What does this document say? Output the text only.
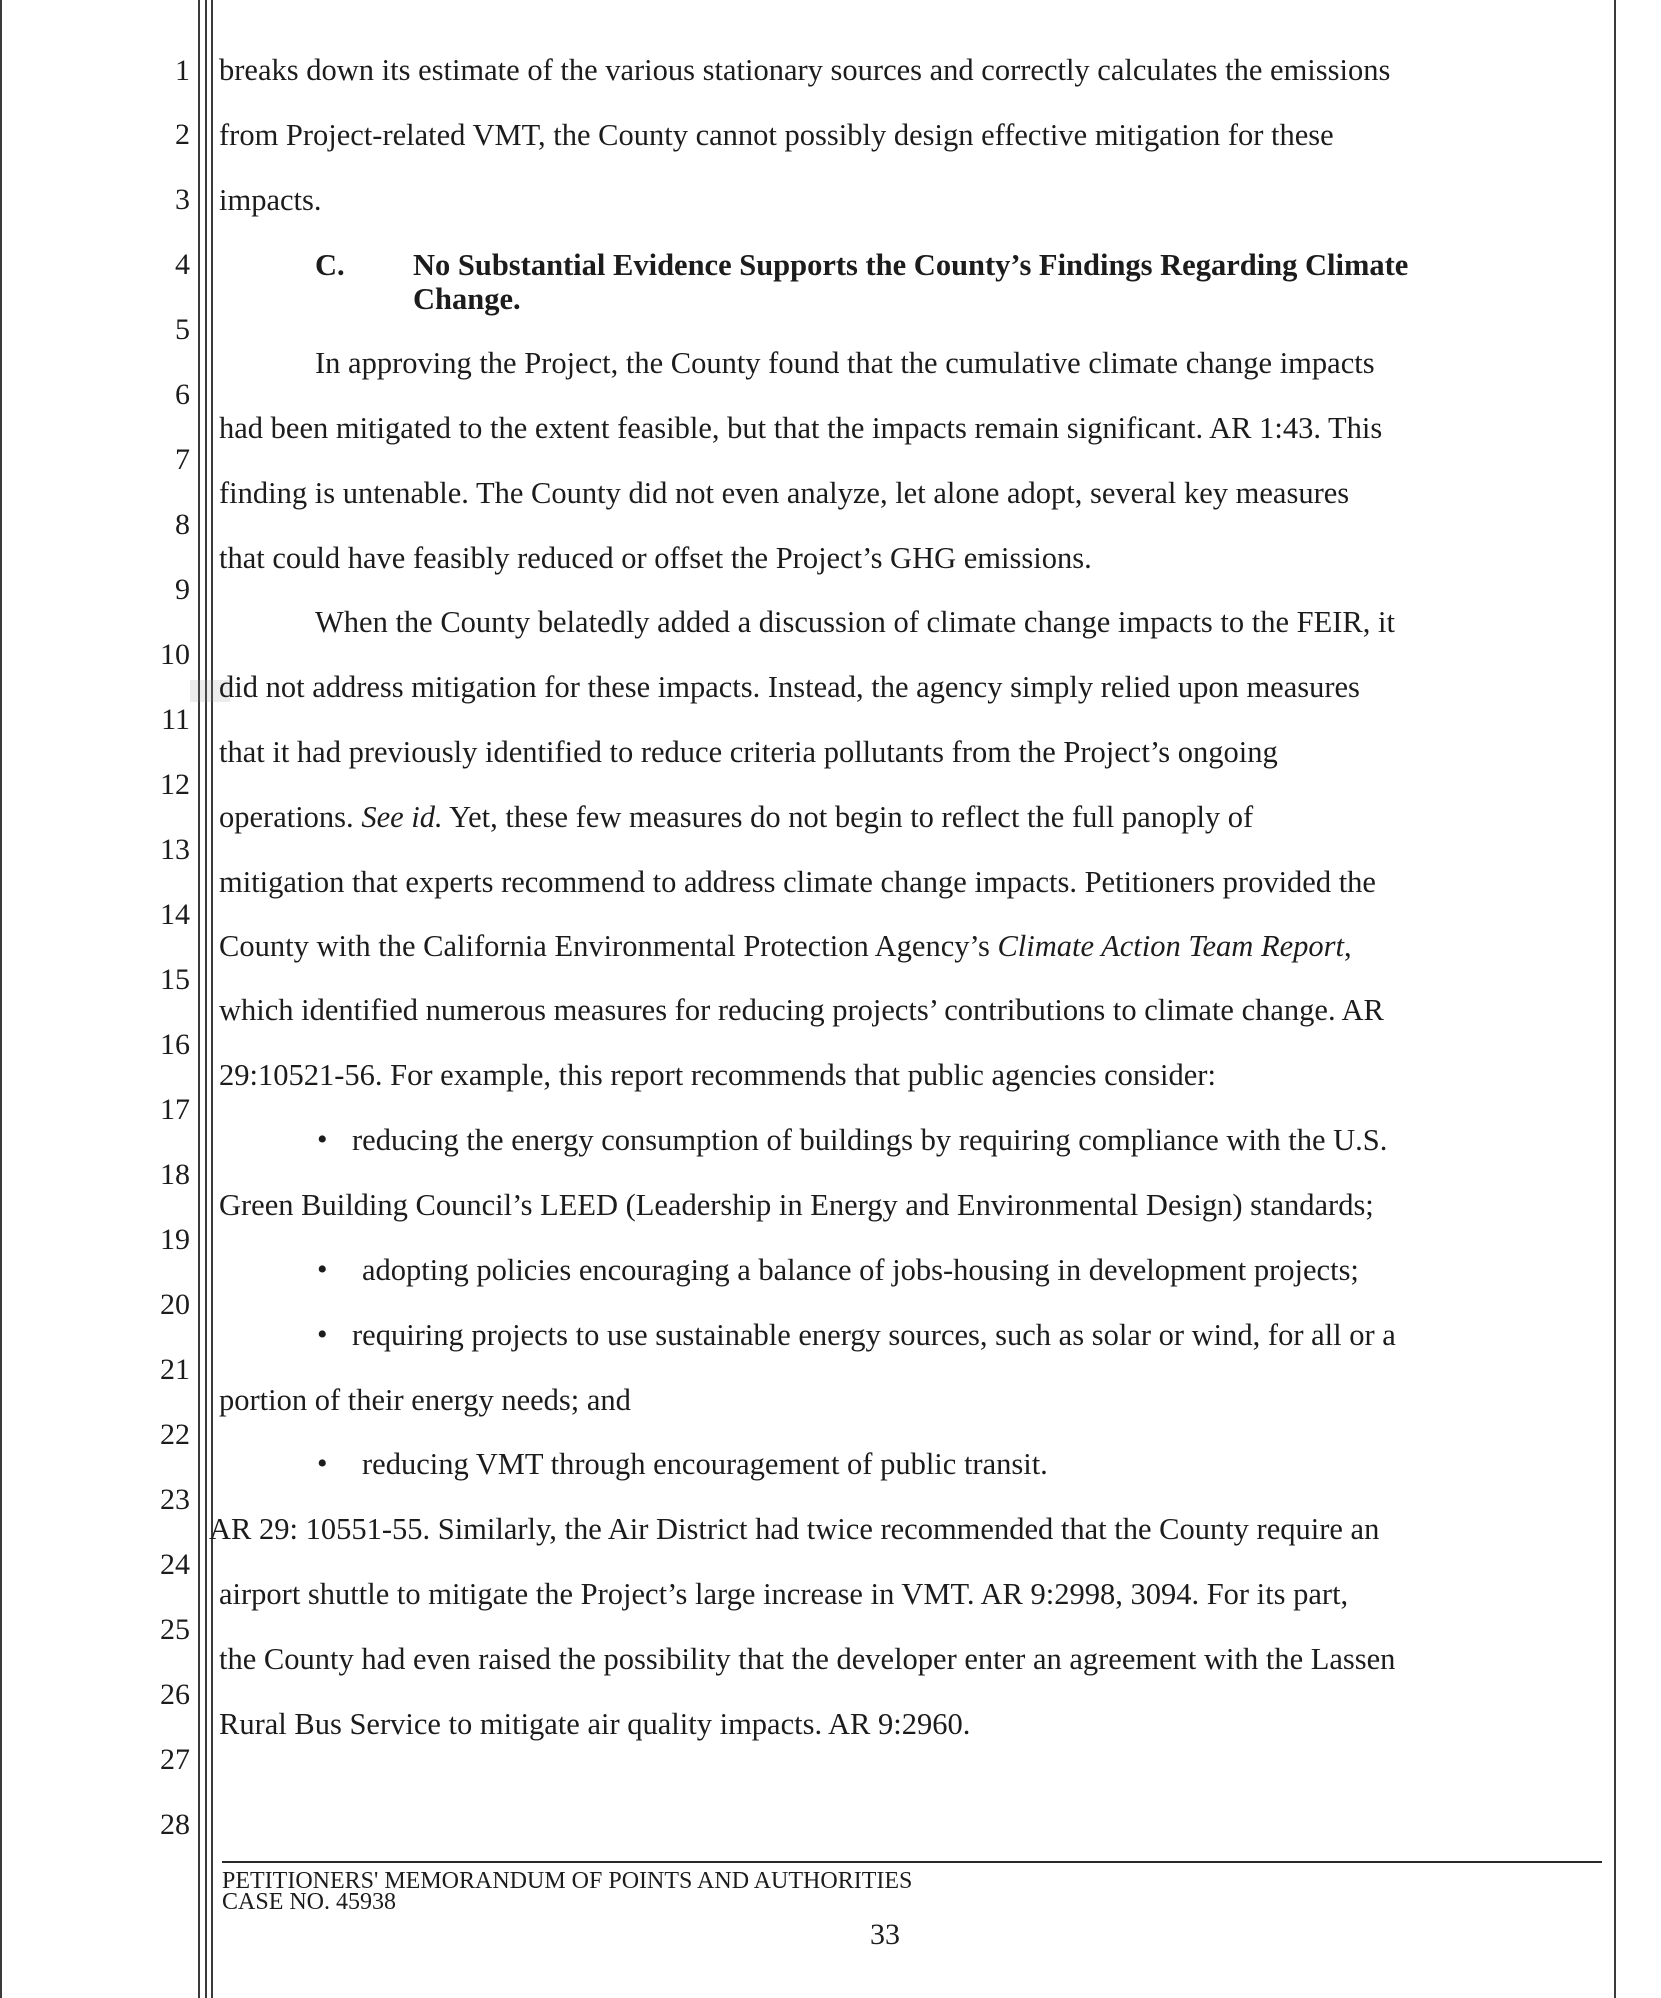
1
2
3
4
5
6
7
8
9
10
11
12
13
14
15
16
17
18
19
20
21
22
23
24
25
26
27
28
breaks down its estimate of the various stationary sources and correctly calculates the emissions
from Project-related VMT, the County cannot possibly design effective mitigation for these
impacts.
C. No Substantial Evidence Supports the County’s Findings Regarding Climate
Change.
In approving the Project, the County found that the cumulative climate change impacts
had been mitigated to the extent feasible, but that the impacts remain significant. AR 1:43. This
finding is untenable. The County did not even analyze, let alone adopt, several key measures
that could have feasibly reduced or offset the Project’s GHG emissions.
When the County belatedly added a discussion of climate change impacts to the FEIR, it
did not address mitigation for these impacts. Instead, the agency simply relied upon measures
that it had previously identified to reduce criteria pollutants from the Project’s ongoing
operations. See id. Yet, these few measures do not begin to reflect the full panoply of
mitigation that experts recommend to address climate change impacts. Petitioners provided the
County with the California Environmental Protection Agency’s Climate Action Team Report,
which identified numerous measures for reducing projects’ contributions to climate change. AR
29:10521-56. For example, this report recommends that public agencies consider:
• reducing the energy consumption of buildings by requiring compliance with the U.S.
Green Building Council’s LEED (Leadership in Energy and Environmental Design) standards;
• adopting policies encouraging a balance of jobs-housing in development projects;
• requiring projects to use sustainable energy sources, such as solar or wind, for all or a
portion of their energy needs; and
• reducing VMT through encouragement of public transit.
AR 29: 10551-55. Similarly, the Air District had twice recommended that the County require an
airport shuttle to mitigate the Project’s large increase in VMT. AR 9:2998, 3094. For its part,
the County had even raised the possibility that the developer enter an agreement with the Lassen
Rural Bus Service to mitigate air quality impacts. AR 9:2960.
PETITIONERS' MEMORANDUM OF POINTS AND AUTHORITIES
CASE NO. 45938
33
